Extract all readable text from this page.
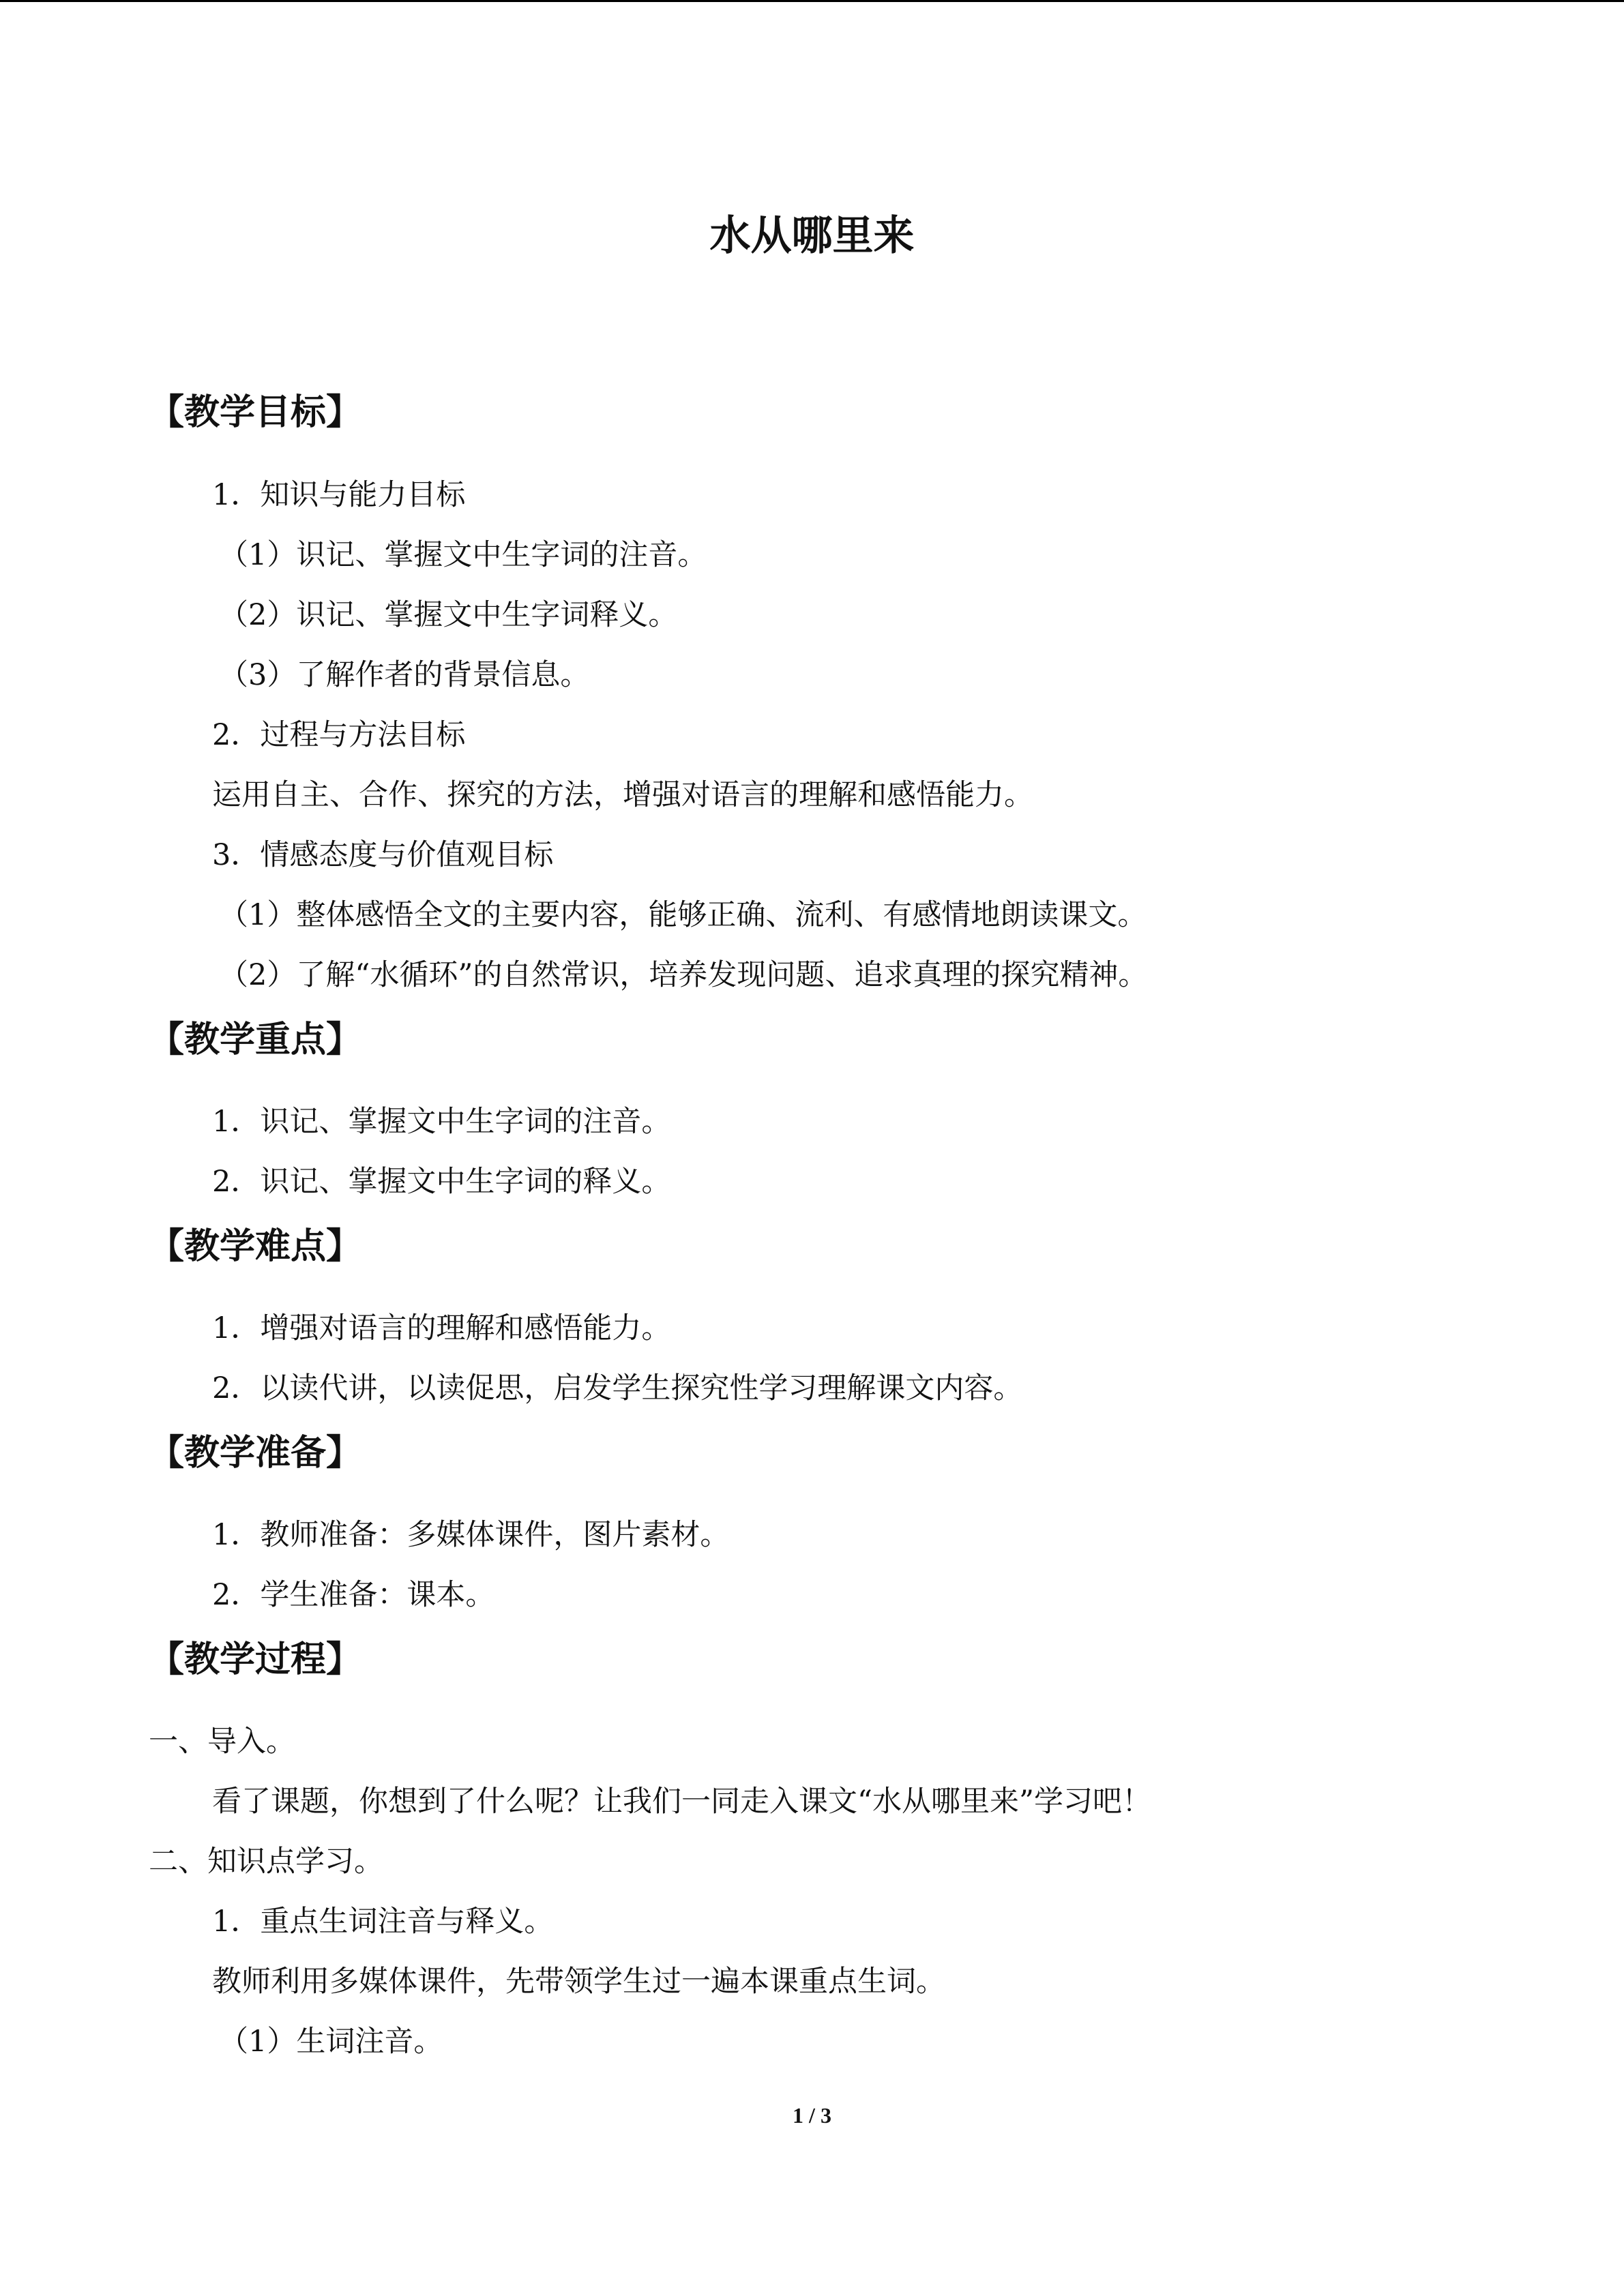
水从哪里来
【教学目标】
1．知识与能力目标
（1）识记、掌握文中生字词的注音。
（2）识记、掌握文中生字词释义。
（3）了解作者的背景信息。
2．过程与方法目标
运用自主、合作、探究的方法，增强对语言的理解和感悟能力。
3．情感态度与价值观目标
（1）整体感悟全文的主要内容，能够正确、流利、有感情地朗读课文。
（2）了解“水循环”的自然常识，培养发现问题、追求真理的探究精神。
【教学重点】
1．识记、掌握文中生字词的注音。
2．识记、掌握文中生字词的释义。
【教学难点】
1．增强对语言的理解和感悟能力。
2．以读代讲，以读促思，启发学生探究性学习理解课文内容。
【教学准备】
1．教师准备：多媒体课件，图片素材。
2．学生准备：课本。
【教学过程】
一、导入。
看了课题，你想到了什么呢？让我们一同走入课文“水从哪里来”学习吧！
二、知识点学习。
1．重点生词注音与释义。
教师利用多媒体课件，先带领学生过一遍本课重点生词。
（1）生词注音。
1 / 3
